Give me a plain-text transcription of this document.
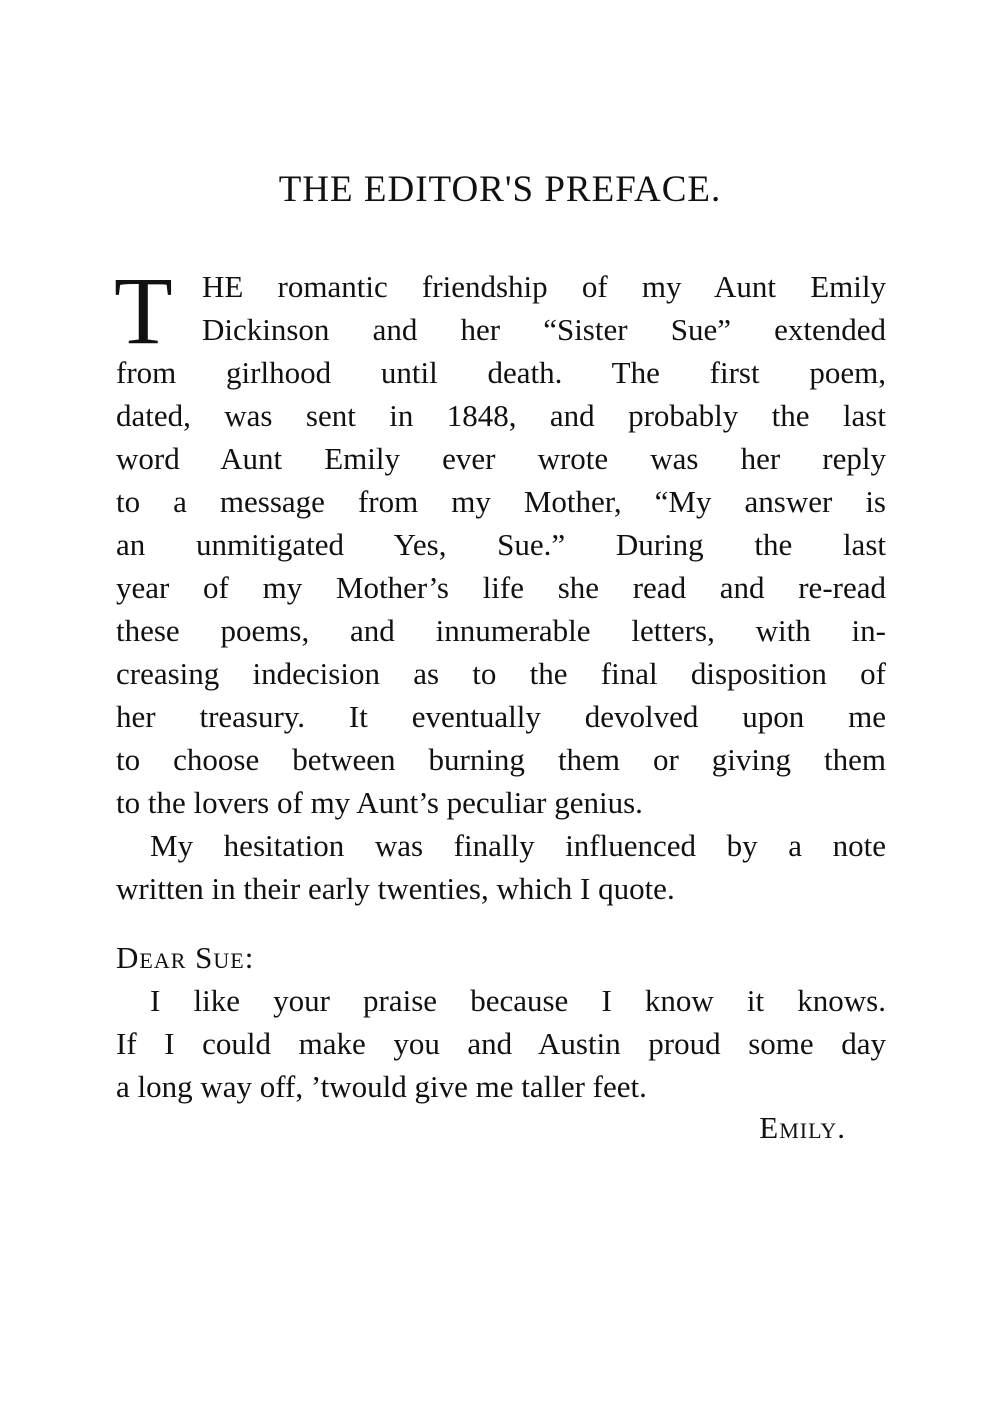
THE EDITOR'S PREFACE.
T HE romantic friendship of my Aunt Emily
Dickinson and her “Sister Sue” extended
from girlhood until death. The first poem,
dated, was sent in 1848, and probably the last
word Aunt Emily ever wrote was her reply
to a message from my Mother, “My answer is
an unmitigated Yes, Sue.” During the last
year of my Mother’s life she read and re-read
these poems, and innumerable letters, with in-
creasing indecision as to the final disposition of
her treasury. It eventually devolved upon me
to choose between burning them or giving them
to the lovers of my Aunt’s peculiar genius.
My hesitation was finally influenced by a note
written in their early twenties, which I quote.
Dear Sue:
I like your praise because I know it knows.
If I could make you and Austin proud some day
a long way off, ’twould give me taller feet.
Emily.
